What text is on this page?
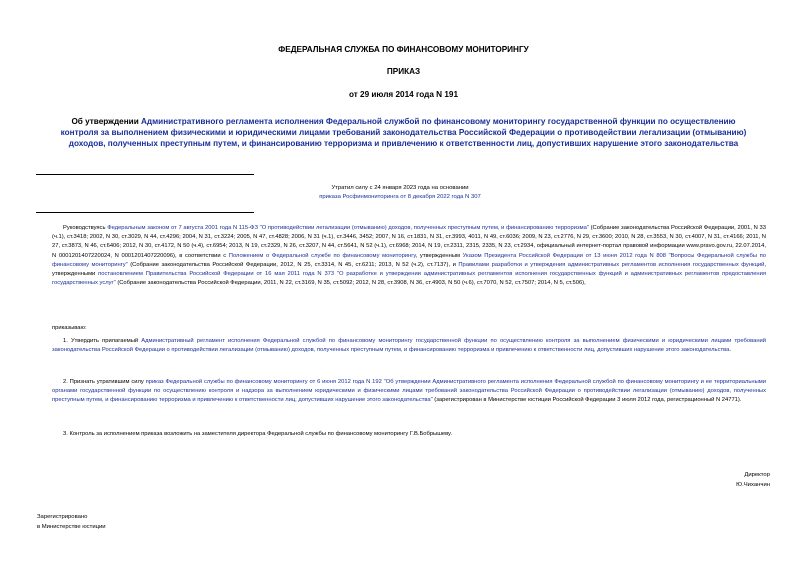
ФЕДЕРАЛЬНАЯ СЛУЖБА ПО ФИНАНСОВОМУ МОНИТОРИНГУ
ПРИКАЗ
от 29 июля 2014 года N 191
Об утверждении Административного регламента исполнения Федеральной службой по финансовому мониторингу государственной функции по осуществлению контроля за выполнением физическими и юридическими лицами требований законодательства Российской Федерации о противодействии легализации (отмыванию) доходов, полученных преступным путем, и финансированию терроризма и привлечению к ответственности лиц, допустивших нарушение этого законодательства
Утратил силу с 24 января 2023 года на основании
приказа Росфинмониторинга от 8 декабря 2022 года N 307

Руководствуясь Федеральным законом от 7 августа 2001 года N 115-ФЗ "О противодействии легализации (отмыванию) доходов, полученных преступным путем, и финансированию терроризма" (Собрание законодательства Российской Федерации, 2001, N 33 (ч.1), ст.3418; 2002, N 30, ст.3029, N 44, ст.4296; 2004, N 31, ст.3224; 2005, N 47, ст.4828; 2006, N 31 (ч.1), ст.3446, 3452; 2007, N 16, ст.1831, N 31, ст.3993, 4011, N 49, ст.6036; 2009, N 23, ст.2776, N 29, ст.3600; 2010, N 28, ст.3553, N 30, ст.4007, N 31, ст.4166; 2011, N 27, ст.3873, N 46, ст.6406; 2012, N 30, ст.4172, N 50 (ч.4), ст.6954; 2013, N 19, ст.2329, N 26, ст.3207, N 44, ст.5641, N 52 (ч.1), ст.6968; 2014, N 19, ст.2311, 2315, 2335, N 23, ст.2934, официальный интернет-портал правовой информации www.pravo.gov.ru, 22.07.2014, N 0001201407220024, N 0001201407220096), в соответствии с Положением о Федеральной службе по финансовому мониторингу, утвержденным Указом Президента Российской Федерации от 13 июня 2012 года N 808 "Вопросы Федеральной службы по финансовому мониторингу" (Собрание законодательства Российской Федерации, 2012, N 25, ст.3314, N 45, ст.6211; 2013, N 52 (ч.2), ст.7137), и Правилами разработки и утверждения административных регламентов исполнения государственных функций, утвержденными постановлением Правительства Российской Федерации от 16 мая 2011 года N 373 "О разработке и утверждении административных регламентов исполнения государственных функций и административных регламентов предоставления государственных услуг" (Собрание законодательства Российской Федерации, 2011, N 22, ст.3169, N 35, ст.5092; 2012, N 28, ст.3908, N 36, ст.4903, N 50 (ч.6), ст.7070, N 52, ст.7507; 2014, N 5, ст.506),

приказываю:

1. Утвердить прилагаемый Административный регламент исполнения Федеральной службой по финансовому мониторингу государственной функции по осуществлению контроля за выполнением физическими и юридическими лицами требований законодательства Российской Федерации о противодействии легализации (отмыванию) доходов, полученных преступным путем, и финансированию терроризма и привлечению к ответственности лиц, допустивших нарушение этого законодательства.

2. Признать утратившим силу приказ Федеральной службы по финансовому мониторингу от 6 июня 2012 года N 192 "Об утверждении Административного регламента исполнения Федеральной службой по финансовому мониторингу и ее территориальными органами государственной функции по осуществлению контроля и надзора за выполнением юридическими и физическими лицами требований законодательства Российской Федерации о противодействии легализации (отмыванию) доходов, полученных преступным путем, и финансированию терроризма и привлечению к ответственности лиц, допустивших нарушение этого законодательства" (зарегистрирован в Министерстве юстиции Российской Федерации 3 июля 2012 года, регистрационный N 24771).

3. Контроль за исполнением приказа возложить на заместителя директора Федеральной службы по финансовому мониторингу Г.В.Бобрышеву.

Директор
Ю.Чиханчин
Зарегистрировано
в Министерстве юстиции
